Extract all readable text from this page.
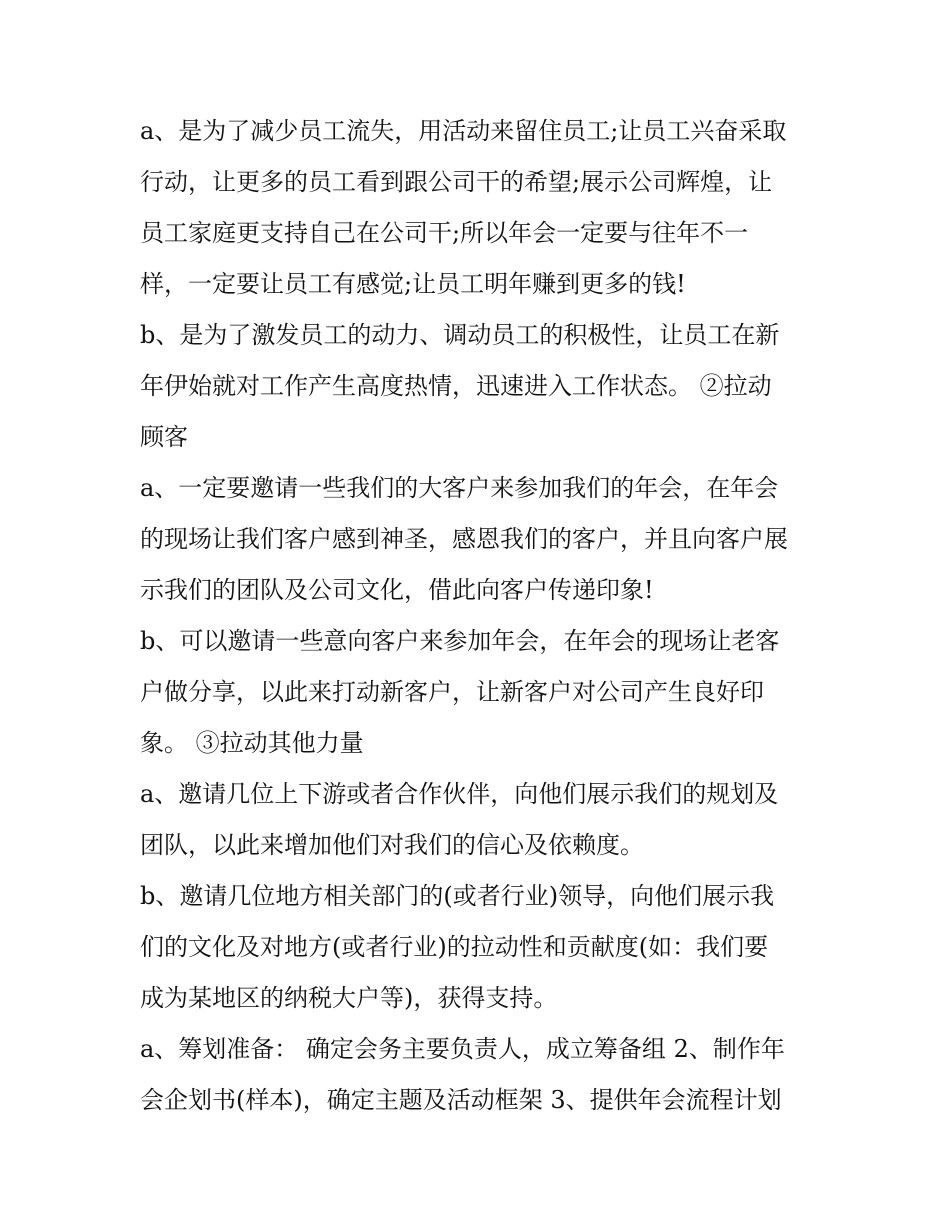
a、是为了减少员工流失，用活动来留住员工;让员工兴奋采取
行动，让更多的员工看到跟公司干的希望;展示公司辉煌，让
员工家庭更支持自己在公司干;所以年会一定要与往年不一
样，一定要让员工有感觉;让员工明年赚到更多的钱!
b、是为了激发员工的动力、调动员工的积极性，让员工在新
年伊始就对工作产生高度热情，迅速进入工作状态。 ②拉动
顾客
a、一定要邀请一些我们的大客户来参加我们的年会，在年会
的现场让我们客户感到神圣，感恩我们的客户，并且向客户展
示我们的团队及公司文化，借此向客户传递印象!
b、可以邀请一些意向客户来参加年会，在年会的现场让老客
户做分享，以此来打动新客户，让新客户对公司产生良好印
象。 ③拉动其他力量
a、邀请几位上下游或者合作伙伴，向他们展示我们的规划及
团队，以此来增加他们对我们的信心及依赖度。
b、邀请几位地方相关部门的(或者行业)领导，向他们展示我
们的文化及对地方(或者行业)的拉动性和贡献度(如：我们要
成为某地区的纳税大户等)，获得支持。
a、筹划准备： 确定会务主要负责人，成立筹备组 2、制作年
会企划书(样本)，确定主题及活动框架 3、提供年会流程计划
